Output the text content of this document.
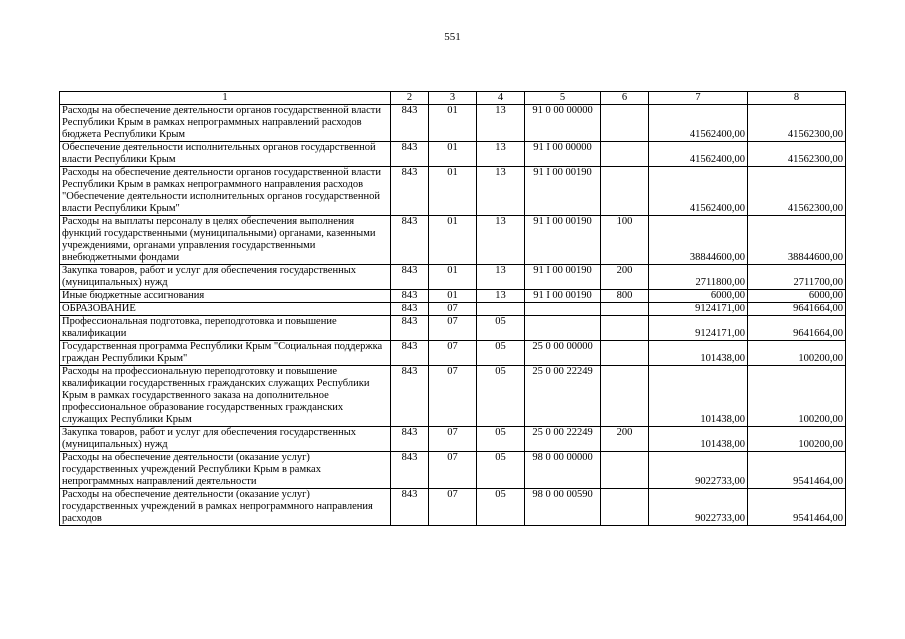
551
1	2	3	4	5	6	7	8
Расходы на обеспечение деятельности органов государственной власти Республики Крым в рамках непрограммных направлений расходов бюджета Республики Крым	843	01	13	91 0 00 00000		41562400,00	41562300,00
Обеспечение деятельности исполнительных органов государственной власти Республики Крым	843	01	13	91 I 00 00000		41562400,00	41562300,00
Расходы на обеспечение деятельности органов государственной власти Республики Крым в рамках непрограммного направления расходов "Обеспечение деятельности исполнительных органов государственной власти Республики Крым"	843	01	13	91 I 00 00190		41562400,00	41562300,00
Расходы на выплаты персоналу в целях обеспечения выполнения функций государственными (муниципальными) органами, казенными учреждениями, органами управления государственными внебюджетными фондами	843	01	13	91 I 00 00190	100	38844600,00	38844600,00
Закупка товаров, работ и услуг для обеспечения государственных (муниципальных) нужд	843	01	13	91 I 00 00190	200	2711800,00	2711700,00
Иные бюджетные ассигнования	843	01	13	91 I 00 00190	800	6000,00	6000,00
ОБРАЗОВАНИЕ	843	07				9124171,00	9641664,00
Профессиональная подготовка, переподготовка и повышение квалификации	843	07	05			9124171,00	9641664,00
Государственная программа Республики Крым "Социальная поддержка граждан Республики Крым"	843	07	05	25 0 00 00000		101438,00	100200,00
Расходы на профессиональную переподготовку и повышение квалификации государственных гражданских служащих Республики Крым в рамках государственного заказа на дополнительное профессиональное образование государственных гражданских служащих Республики Крым	843	07	05	25 0 00 22249		101438,00	100200,00
Закупка товаров, работ и услуг для обеспечения государственных (муниципальных) нужд	843	07	05	25 0 00 22249	200	101438,00	100200,00
Расходы на обеспечение деятельности (оказание услуг) государственных учреждений Республики Крым в рамках непрограммных направлений деятельности	843	07	05	98 0 00 00000		9022733,00	9541464,00
Расходы на обеспечение деятельности (оказание услуг) государственных учреждений в рамках непрограммного направления расходов	843	07	05	98 0 00 00590		9022733,00	9541464,00
